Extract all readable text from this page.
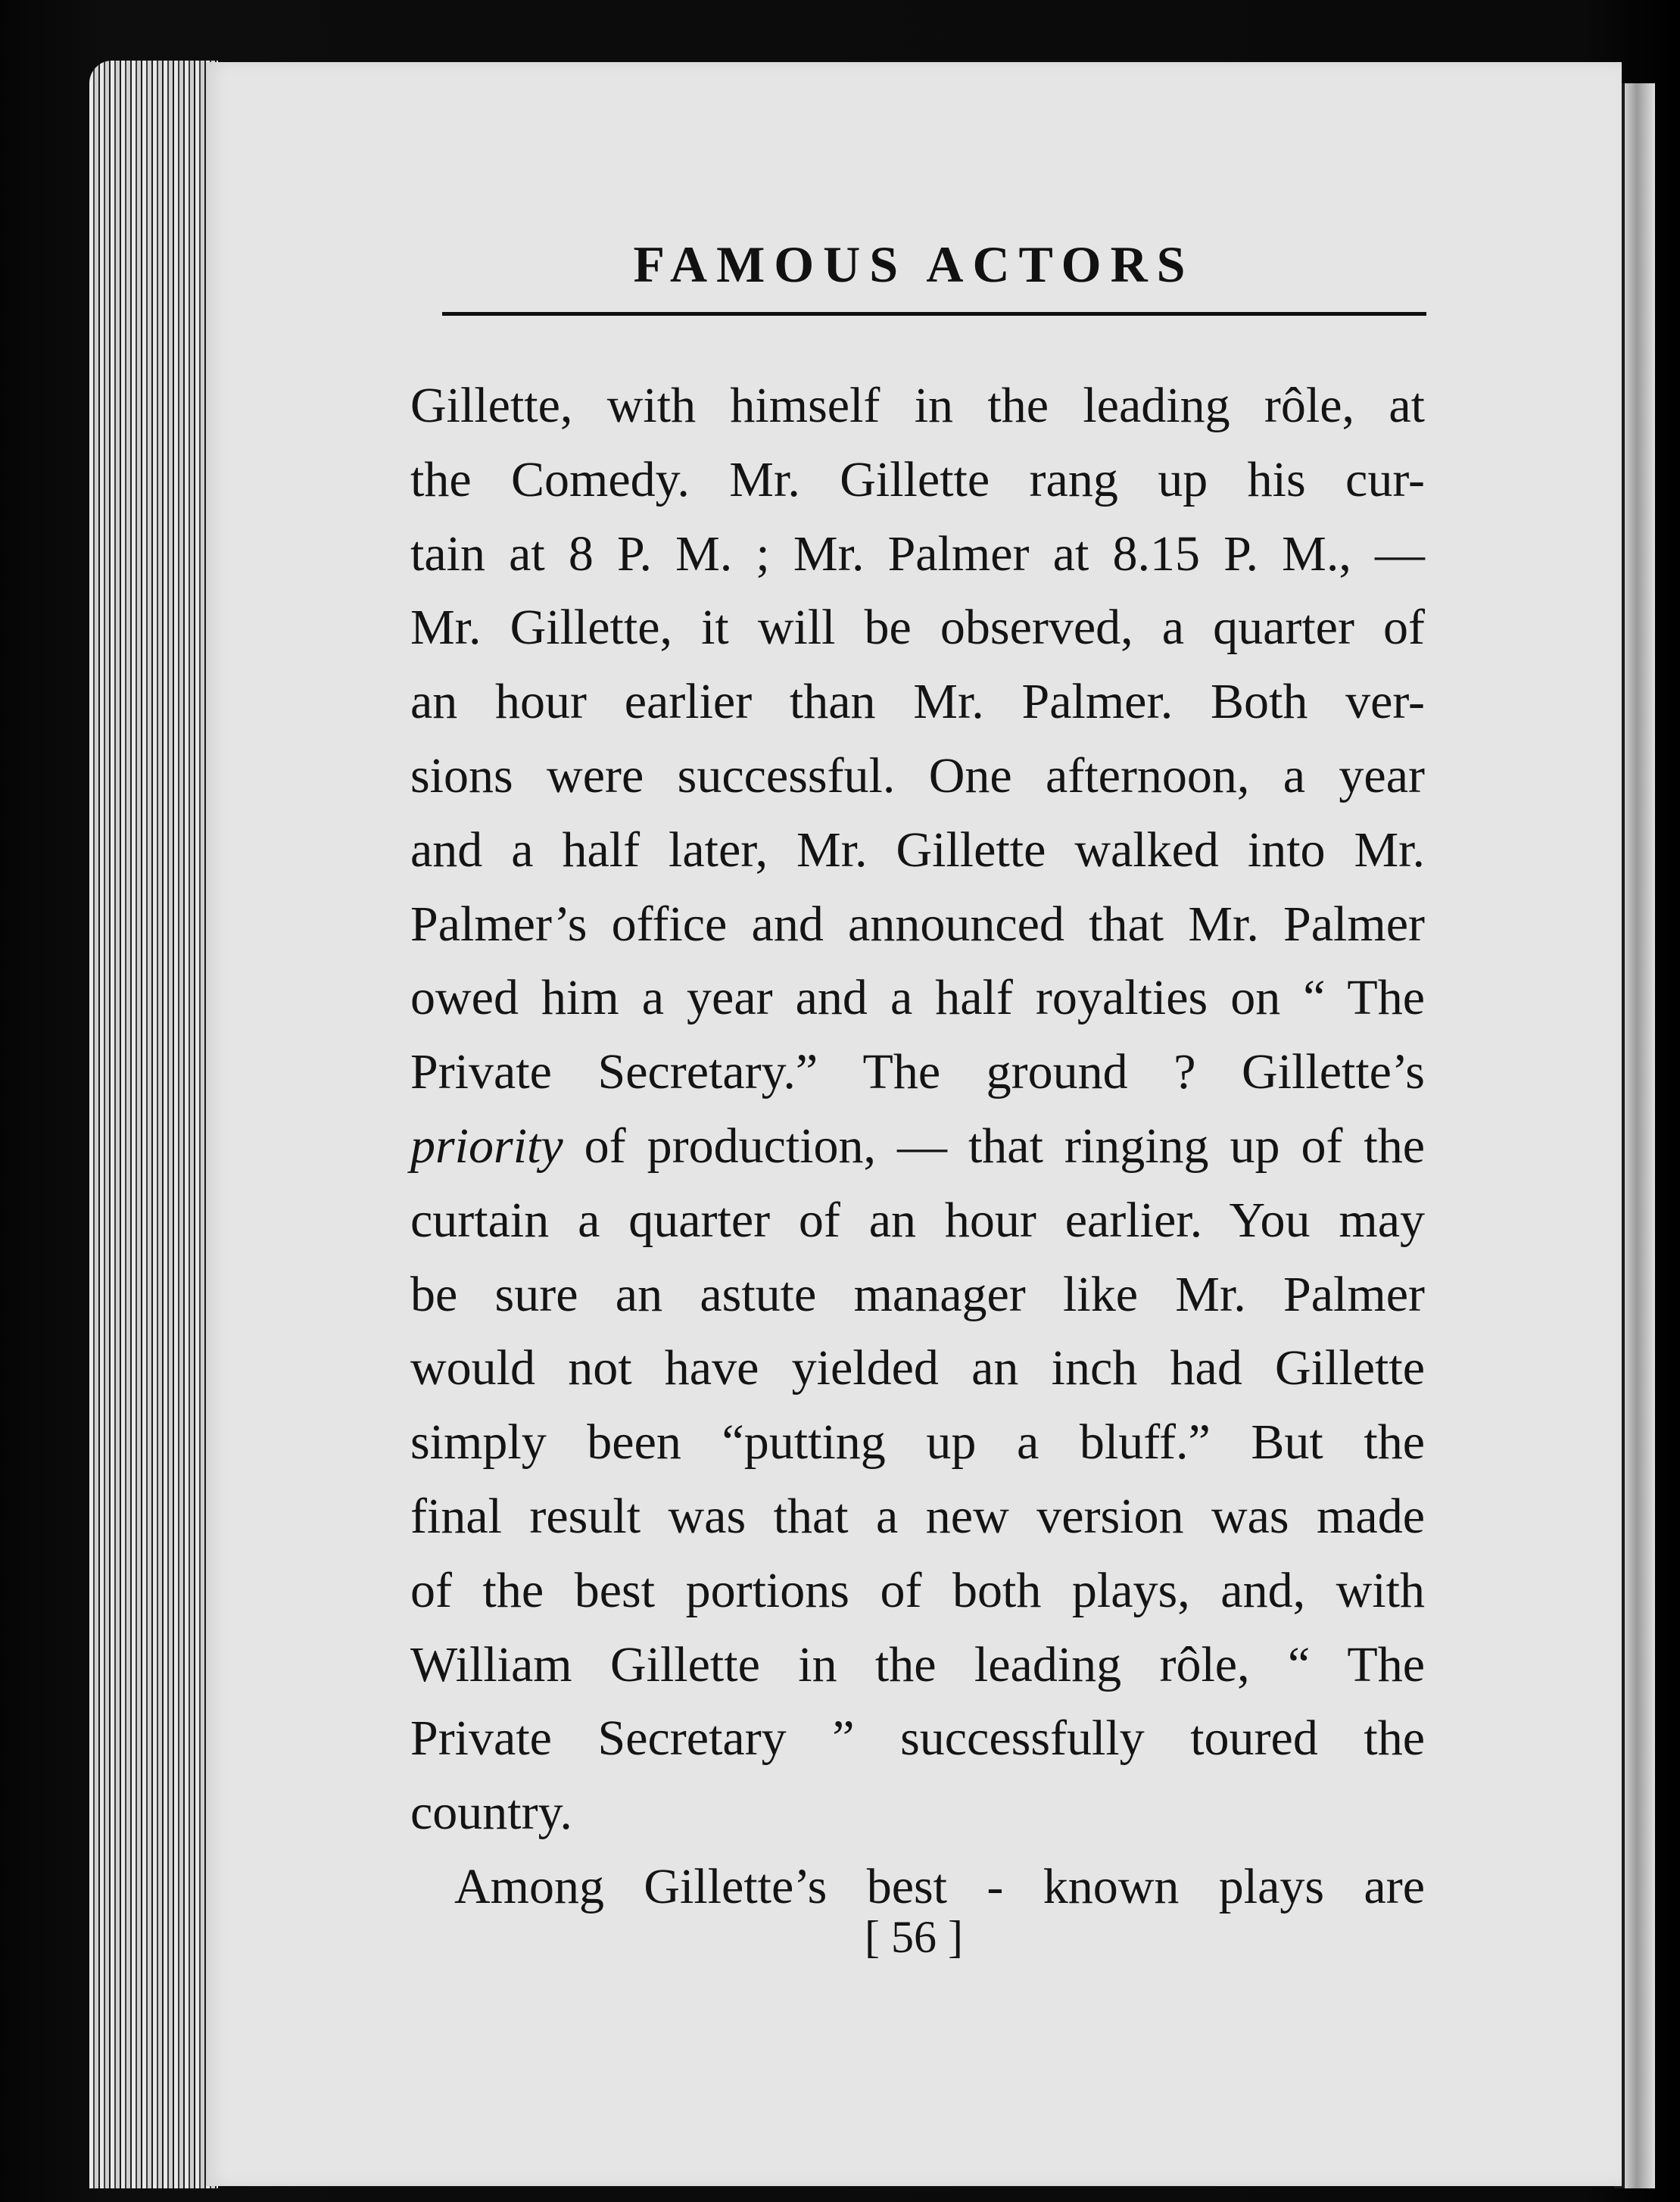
FAMOUS ACTORS
Gillette, with himself in the leading rôle, at
the Comedy. Mr. Gillette rang up his cur-
tain at 8 P. M. ; Mr. Palmer at 8.15 P. M., —
Mr. Gillette, it will be observed, a quarter of
an hour earlier than Mr. Palmer. Both ver-
sions were successful. One afternoon, a year
and a half later, Mr. Gillette walked into Mr.
Palmer’s office and announced that Mr. Palmer
owed him a year and a half royalties on “ The
Private Secretary.” The ground ? Gillette’s
priority of production, — that ringing up of the
curtain a quarter of an hour earlier. You may
be sure an astute manager like Mr. Palmer
would not have yielded an inch had Gillette
simply been “putting up a bluff.” But the
final result was that a new version was made
of the best portions of both plays, and, with
William Gillette in the leading rôle, “ The
Private Secretary ” successfully toured the
country.
Among Gillette’s best - known plays are
[ 56 ]
